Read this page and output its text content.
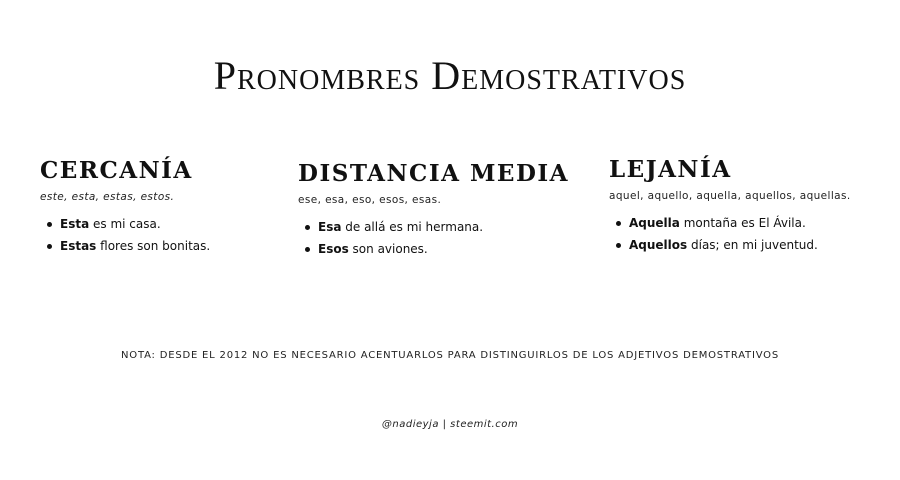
Pronombres Demostrativos
CERCANÍA

este, esta, estas, estos.

Esta es mi casa.
Estas flores son bonitas.
DISTANCIA MEDIA

ese, esa, eso, esos, esas.

Esa de allá es mi hermana.
Esos son aviones.
LEJANÍA

aquel, aquello, aquella, aquellos, aquellas.

Aquella montaña es El Ávila.
Aquellos días; en mi juventud.

NOTA: DESDE EL 2012 NO ES NECESARIO ACENTUARLOS PARA DISTINGUIRLOS DE LOS ADJETIVOS DEMOSTRATIVOS

@nadieyja | steemit.com
